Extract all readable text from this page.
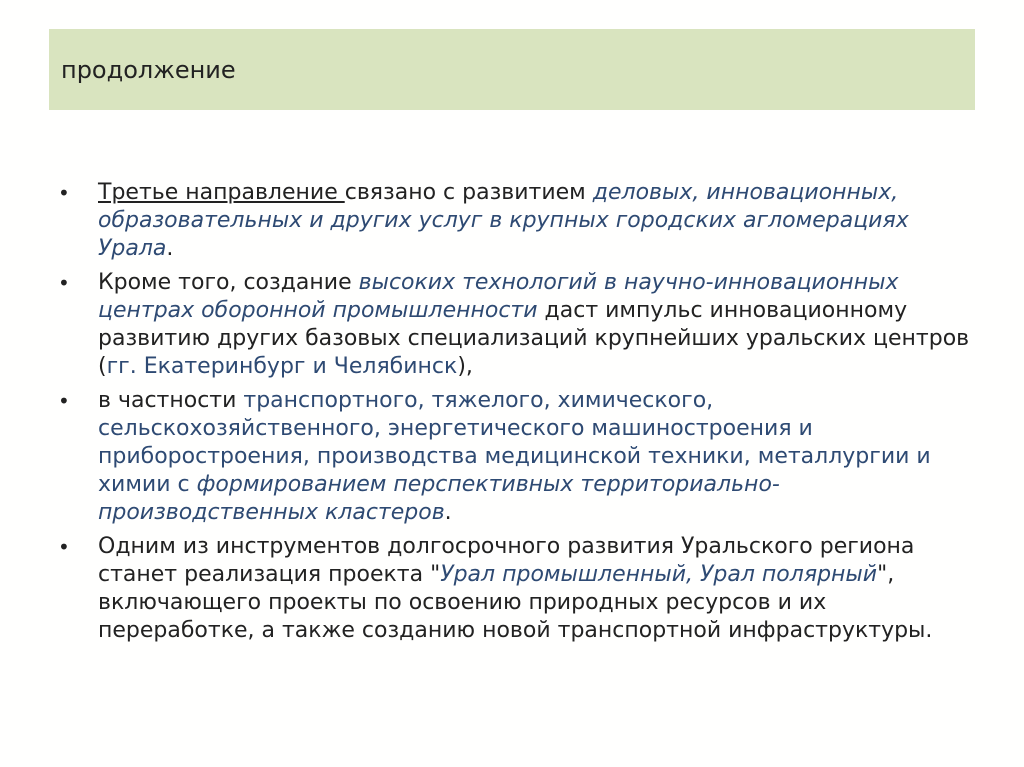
продолжение
• Третье направление связано с развитием деловых, инновационных, образовательных и других услуг в крупных городских агломерациях Урала.
• Кроме того, создание высоких технологий в научно-инновационных центрах оборонной промышленности даст импульс инновационному развитию других базовых специализаций крупнейших уральских центров (гг. Екатеринбург и Челябинск),
• в частности транспортного, тяжелого, химического, сельскохозяйственного, энергетического машиностроения и приборостроения, производства медицинской техники, металлургии и химии с формированием перспективных территориально-производственных кластеров.
• Одним из инструментов долгосрочного развития Уральского региона станет реализация проекта "Урал промышленный, Урал полярный", включающего проекты по освоению природных ресурсов и их переработке, а также созданию новой транспортной инфраструктуры.
